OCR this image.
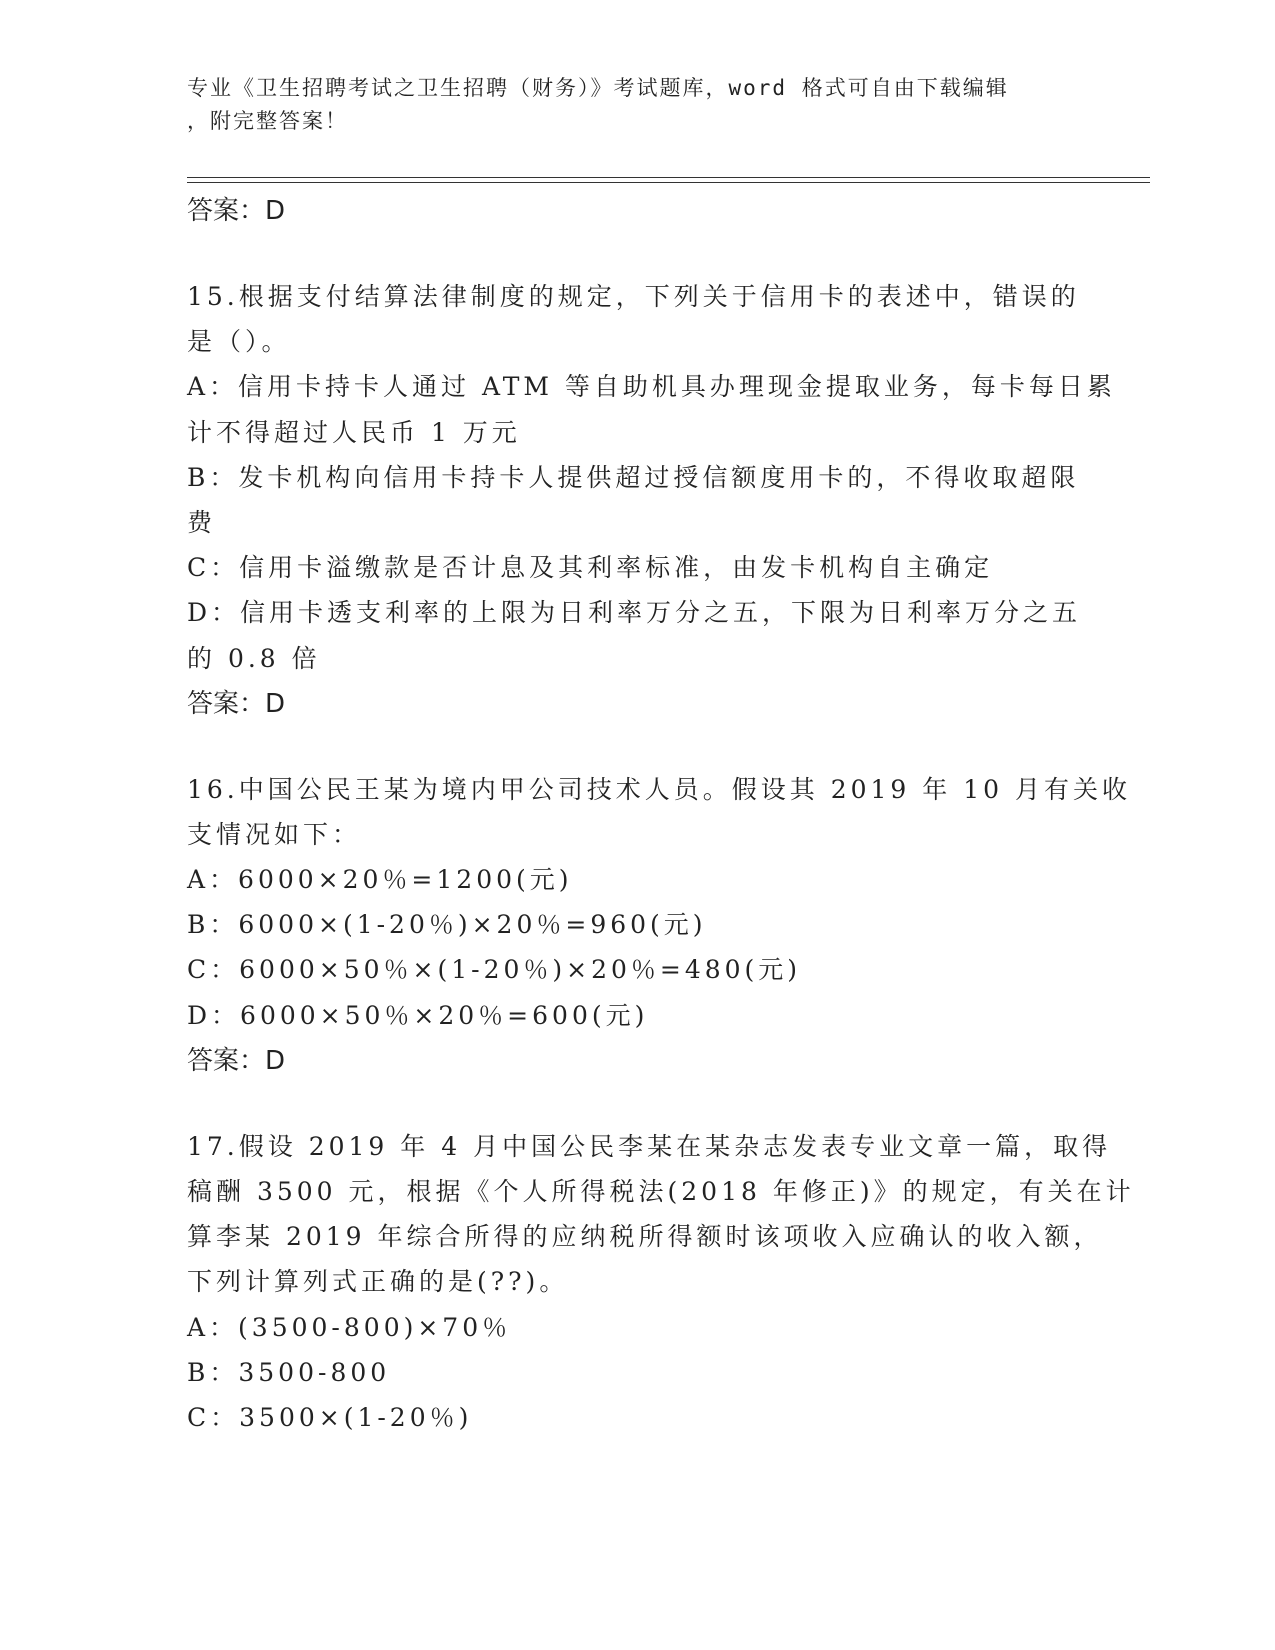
专业《卫生招聘考试之卫生招聘（财务）》考试题库，word 格式可自由下载编辑
，附完整答案！
答案：D
15.根据支付结算法律制度的规定，下列关于信用卡的表述中，错误的
是（）。
A：信用卡持卡人通过 ATM 等自助机具办理现金提取业务，每卡每日累
计不得超过人民币 1 万元
B：发卡机构向信用卡持卡人提供超过授信额度用卡的，不得收取超限
费
C：信用卡溢缴款是否计息及其利率标准，由发卡机构自主确定
D：信用卡透支利率的上限为日利率万分之五，下限为日利率万分之五
的 0.8 倍
答案：D
16.中国公民王某为境内甲公司技术人员。假设其 2019 年 10 月有关收
支情况如下：
A：6000×20％=1200(元)
B：6000×(1-20％)×20％=960(元)
C：6000×50％×(1-20％)×20％=480(元)
D：6000×50％×20％=600(元)
答案：D
17.假设 2019 年 4 月中国公民李某在某杂志发表专业文章一篇，取得
稿酬 3500 元，根据《个人所得税法(2018 年修正)》的规定，有关在计
算李某 2019 年综合所得的应纳税所得额时该项收入应确认的收入额，
下列计算列式正确的是(??)。
A：(3500-800)×70％
B：3500-800
C：3500×(1-20％)
